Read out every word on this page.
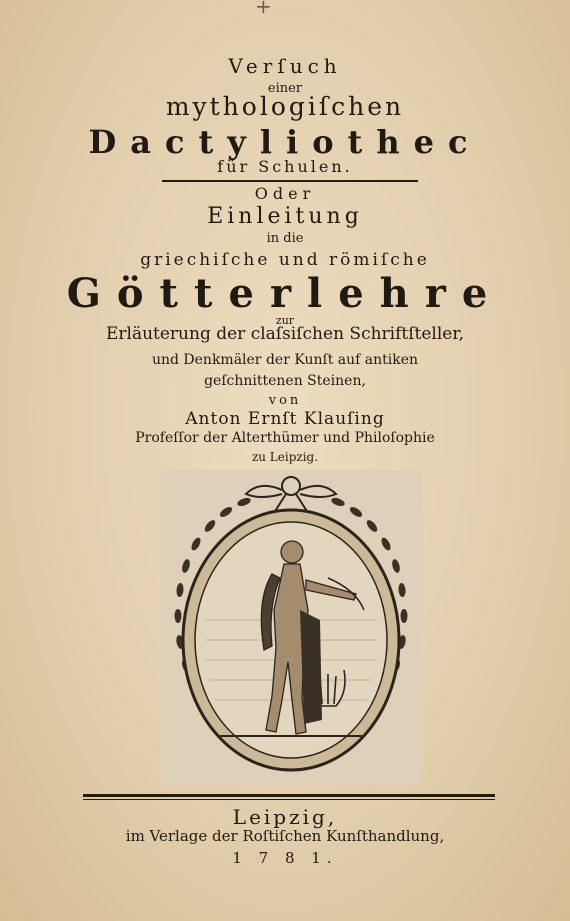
+
Verſuch
einer
mythologiſchen
Dactyliothec
für Schulen.
Oder
Einleitung
in die
griechiſche und römiſche
Götterlehre
zur
Erläuterung der claſsiſchen Schriftſteller,
und Denkmäler der Kunſt auf antiken
geſchnittenen Steinen,
von
Anton Ernſt Klauſing
Profeſſor der Alterthümer und Philoſophie
zu Leipzig.
Leipzig,
im Verlage der Roſtiſchen Kunſthandlung,
1 7 8 1.
